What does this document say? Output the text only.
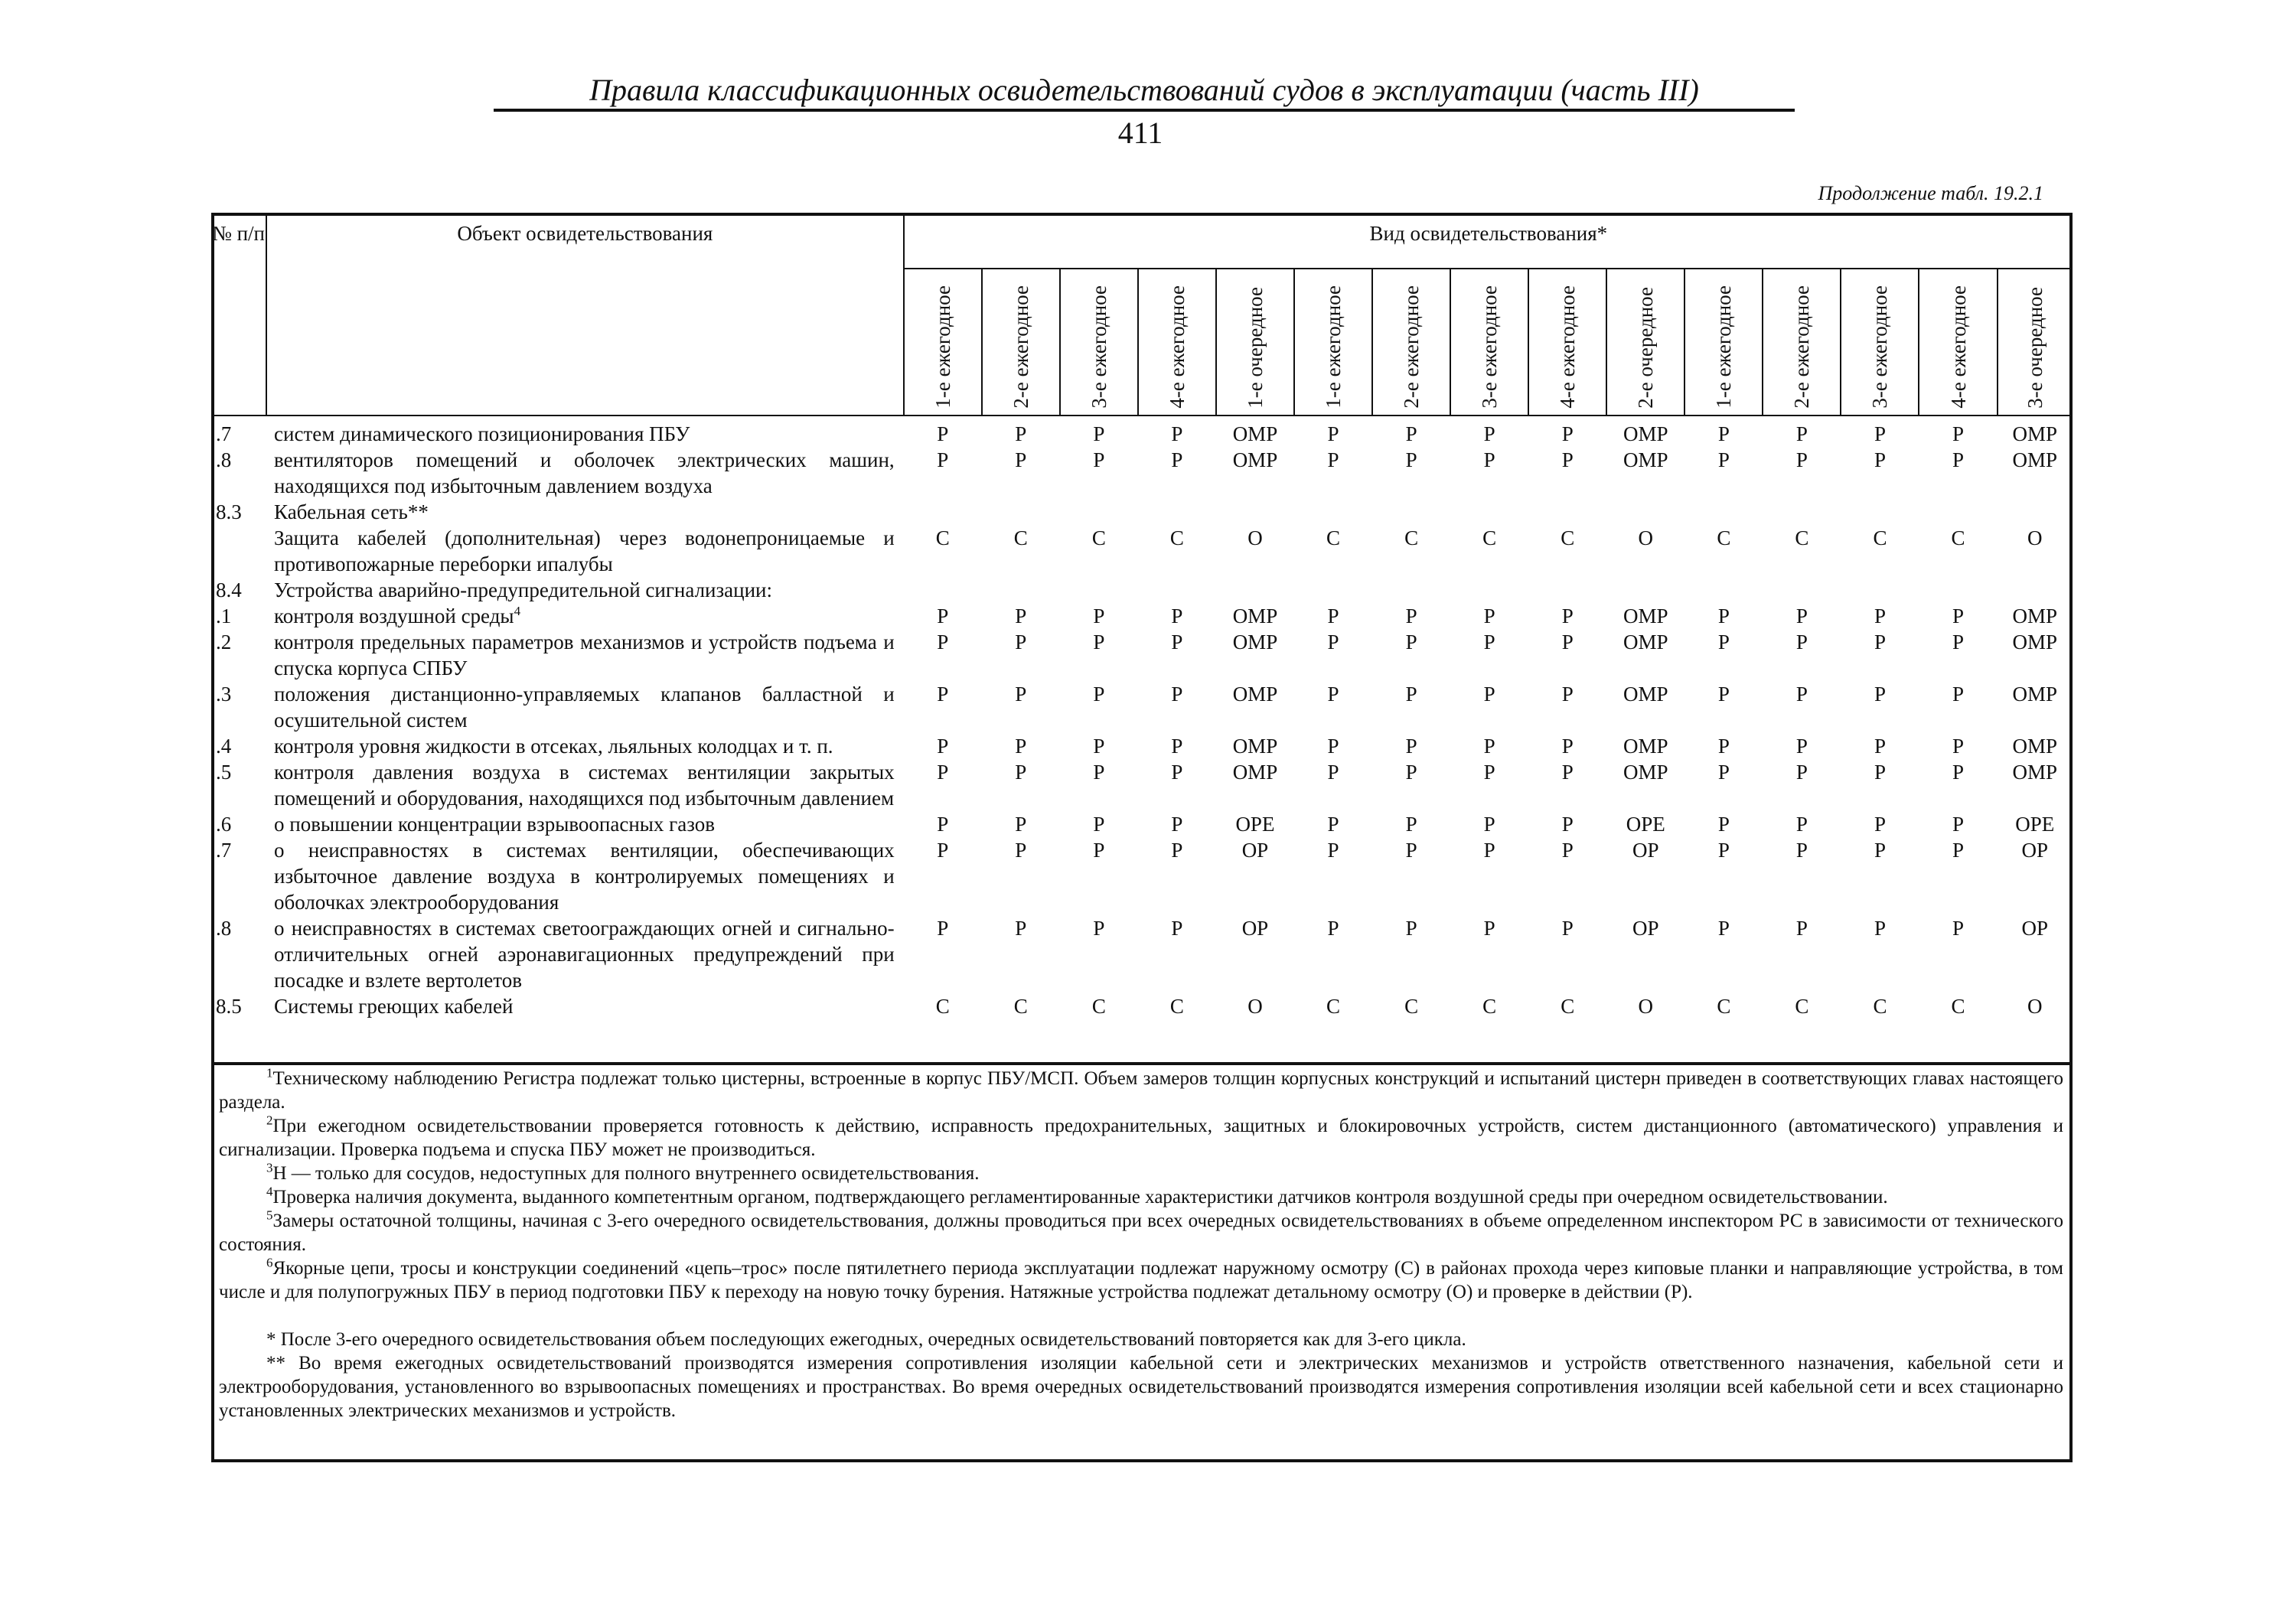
Правила классификационных освидетельствований судов в эксплуатации (часть III)
411
Продолжение табл. 19.2.1
№ п/п	Объект освидетельствования	Вид освидетельствования*														

		1-е ежегодное	2-е ежегодное	3-е ежегодное	4-е ежегодное	1-е очередное	1-е ежегодное	2-е ежегодное	3-е ежегодное	4-е ежегодное	2-е очередное	1-е ежегодное	2-е ежегодное	3-е ежегодное	4-е ежегодное	3-е очередное

.7	систем динамического позиционирования ПБУ	Р	Р	Р	Р	ОМР	Р	Р	Р	Р	ОМР	Р	Р	Р	Р	ОМР
.8	вентиляторов помещений и оболочек электрических машин, находящихся под избыточным давлением воздуха	Р	Р	Р	Р	ОМР	Р	Р	Р	Р	ОМР	Р	Р	Р	Р	ОМР
8.3	Кабельная сеть**															
	Защита кабелей (дополнительная) через водонепроницаемые и противопожарные переборки ипалубы	С	С	С	С	О	С	С	С	С	О	С	С	С	С	О
8.4	Устройства аварийно-предупредительной сигнализации:															
.1	контроля воздушной среды$^4$	Р	Р	Р	Р	ОМР	Р	Р	Р	Р	ОМР	Р	Р	Р	Р	ОМР
.2	контроля предельных параметров механизмов и устройств подъема и спуска корпуса СПБУ	Р	Р	Р	Р	ОМР	Р	Р	Р	Р	ОМР	Р	Р	Р	Р	ОМР
.3	положения дистанционно-управляемых клапанов балластной и осушительной систем	Р	Р	Р	Р	ОМР	Р	Р	Р	Р	ОМР	Р	Р	Р	Р	ОМР
.4	контроля уровня жидкости в отсеках, льяльных колодцах и т. п.	Р	Р	Р	Р	ОМР	Р	Р	Р	Р	ОМР	Р	Р	Р	Р	ОМР
.5	контроля давления воздуха в системах вентиляции закрытых помещений и оборудования, находящихся под избыточным давлением	Р	Р	Р	Р	ОМР	Р	Р	Р	Р	ОМР	Р	Р	Р	Р	ОМР
.6	о повышении концентрации взрывоопасных газов	Р	Р	Р	Р	ОРЕ	Р	Р	Р	Р	ОРЕ	Р	Р	Р	Р	ОРЕ
.7	о неисправностях в системах вентиляции, обеспечивающих избыточное давление воздуха в контролируемых помещениях и оболочках электрооборудования	Р	Р	Р	Р	ОР	Р	Р	Р	Р	ОР	Р	Р	Р	Р	ОР
.8	о неисправностях в системах светоограждающих огней и сигнально-отличительных огней аэронавигационных предупреждений при посадке и взлете вертолетов	Р	Р	Р	Р	ОР	Р	Р	Р	Р	ОР	Р	Р	Р	Р	ОР
8.5	Системы греющих кабелей	С	С	С	С	О	С	С	С	С	О	С	С	С	С	О

$^1$Техническому наблюдению Регистра подлежат только цистерны, встроенные в корпус ПБУ/МСП. Объем замеров толщин корпусных конструкций и испытаний цистерн приведен в соответствующих главах настоящего раздела.

$^2$При ежегодном освидетельствовании проверяется готовность к действию, исправность предохранительных, защитных и блокировочных устройств, систем дистанционного (автоматического) управления и сигнализации. Проверка подъема и спуска ПБУ может не производиться.

$^3$Н — только для сосудов, недоступных для полного внутреннего освидетельствования.

$^4$Проверка наличия документа, выданного компетентным органом, подтверждающего регламентированные характеристики датчиков контроля воздушной среды при очередном освидетельствовании.

$^5$Замеры остаточной толщины, начиная с 3-его очередного освидетельствования, должны проводиться при всех очередных освидетельствованиях в объеме определенном инспектором РС в зависимости от технического состояния.

$^6$Якорные цепи, тросы и конструкции соединений «цепь–трос» после пятилетнего периода эксплуатации подлежат наружному осмотру (С) в районах прохода через киповые планки и направляющие устройства, в том числе и для полупогружных ПБУ в период подготовки ПБУ к переходу на новую точку бурения. Натяжные устройства подлежат детальному осмотру (О) и проверке в действии (Р).

* После 3-его очередного освидетельствования объем последующих ежегодных, очередных освидетельствований повторяется как для 3-его цикла.

** Во время ежегодных освидетельствований производятся измерения сопротивления изоляции кабельной сети и электрических механизмов и устройств ответственного назначения, кабельной сети и электрооборудования, установленного во взрывоопасных помещениях и пространствах. Во время очередных освидетельствований производятся измерения сопротивления изоляции всей кабельной сети и всех стационарно установленных электрических механизмов и устройств.
